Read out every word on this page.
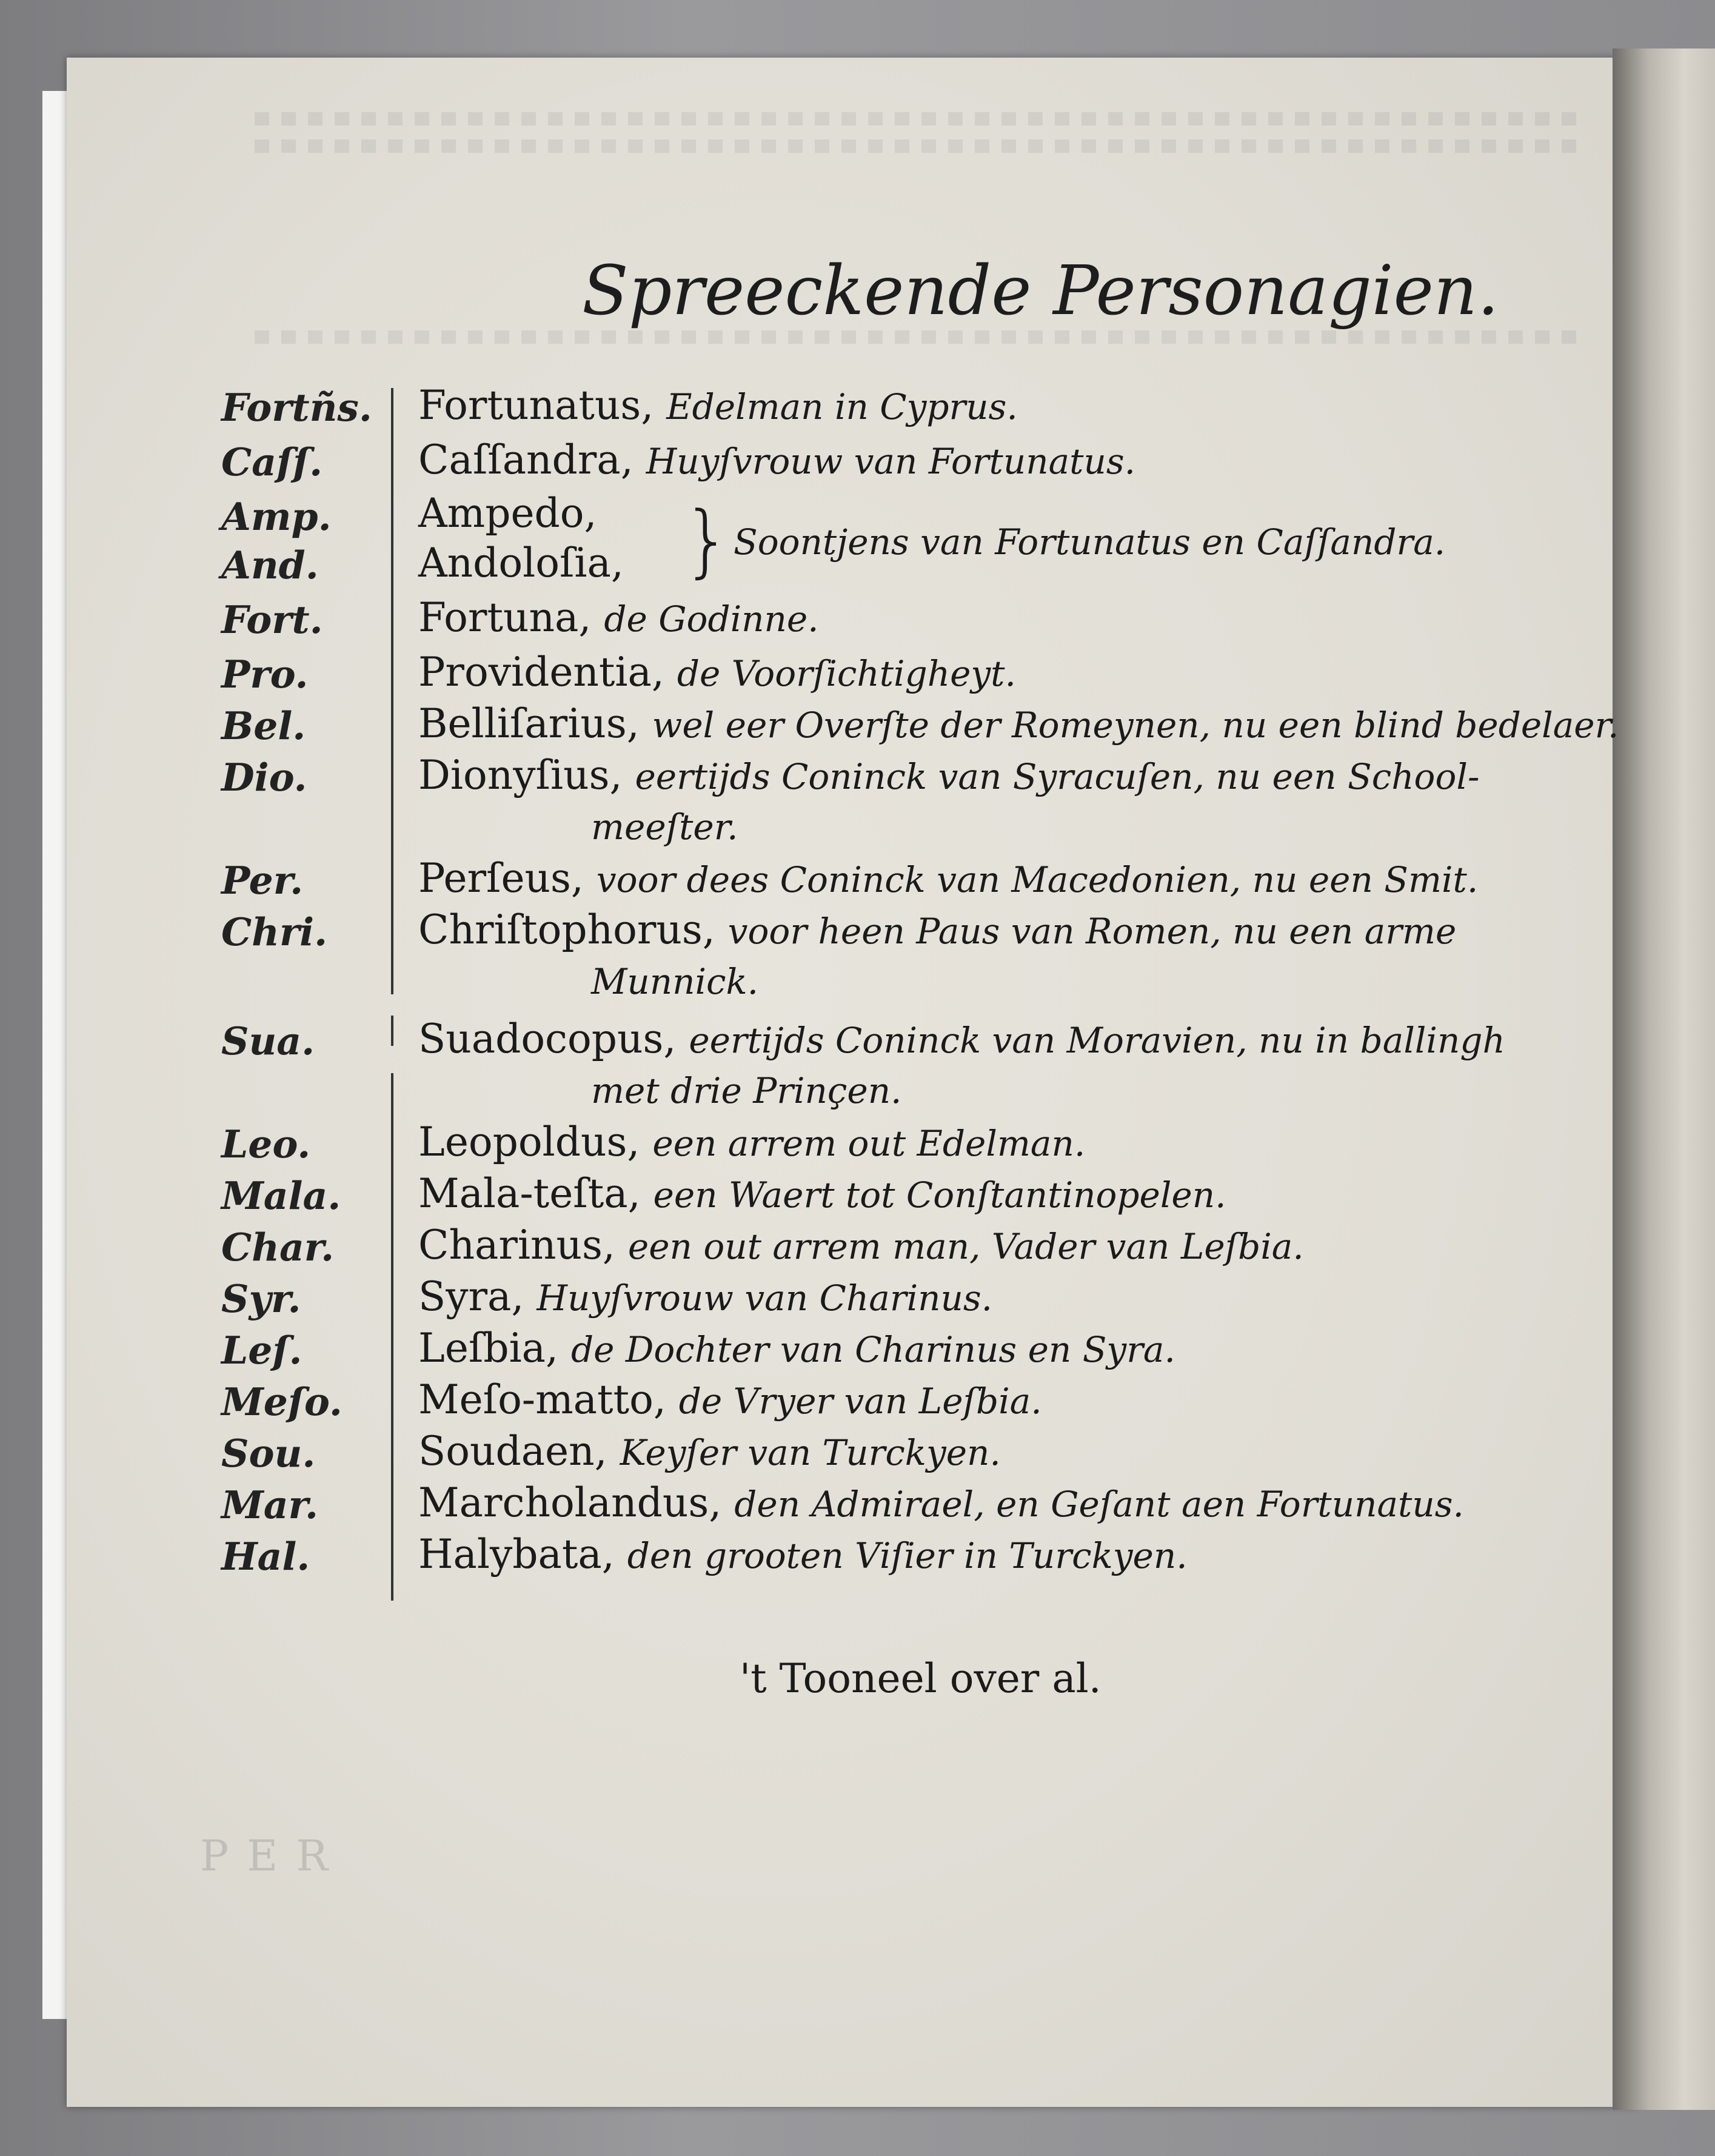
PER
Spreeckende Personagien.
Fortñs.
Caſſ.
Amp.
And.
Fort.
Pro.
Bel.
Dio.
Per.
Chri.
Sua.
Leo.
Mala.
Char.
Syr.
Leſ.
Meſo.
Sou.
Mar.
Hal.
Fortunatus, Edelman in Cyprus.
Caſſandra, Huyſvrouw van Fortunatus.
Ampedo,
Andoloſia, } Soontjens van Fortunatus en Caſſandra.
Fortuna, de Godinne.
Providentia, de Voorſichtigheyt.
Belliſarius, wel eer Overſte der Romeynen, nu een blind bedelaer.
Dionyſius, eertijds Coninck van Syracuſen, nu een School-
meeſter.
Perſeus, voor dees Coninck van Macedonien, nu een Smit.
Chriſtophorus, voor heen Paus van Romen, nu een arme
Munnick.
Suadocopus, eertijds Coninck van Moravien, nu in ballingh
met drie Prinçen.
Leopoldus, een arrem out Edelman.
Mala-teſta, een Waert tot Conſtantinopelen.
Charinus, een out arrem man, Vader van Leſbia.
Syra, Huyſvrouw van Charinus.
Leſbia, de Dochter van Charinus en Syra.
Meſo-matto, de Vryer van Leſbia.
Soudaen, Keyſer van Turckyen.
Marcholandus, den Admirael, en Geſant aen Fortunatus.
Halybata, den grooten Viſier in Turckyen.
't Tooneel over al.
